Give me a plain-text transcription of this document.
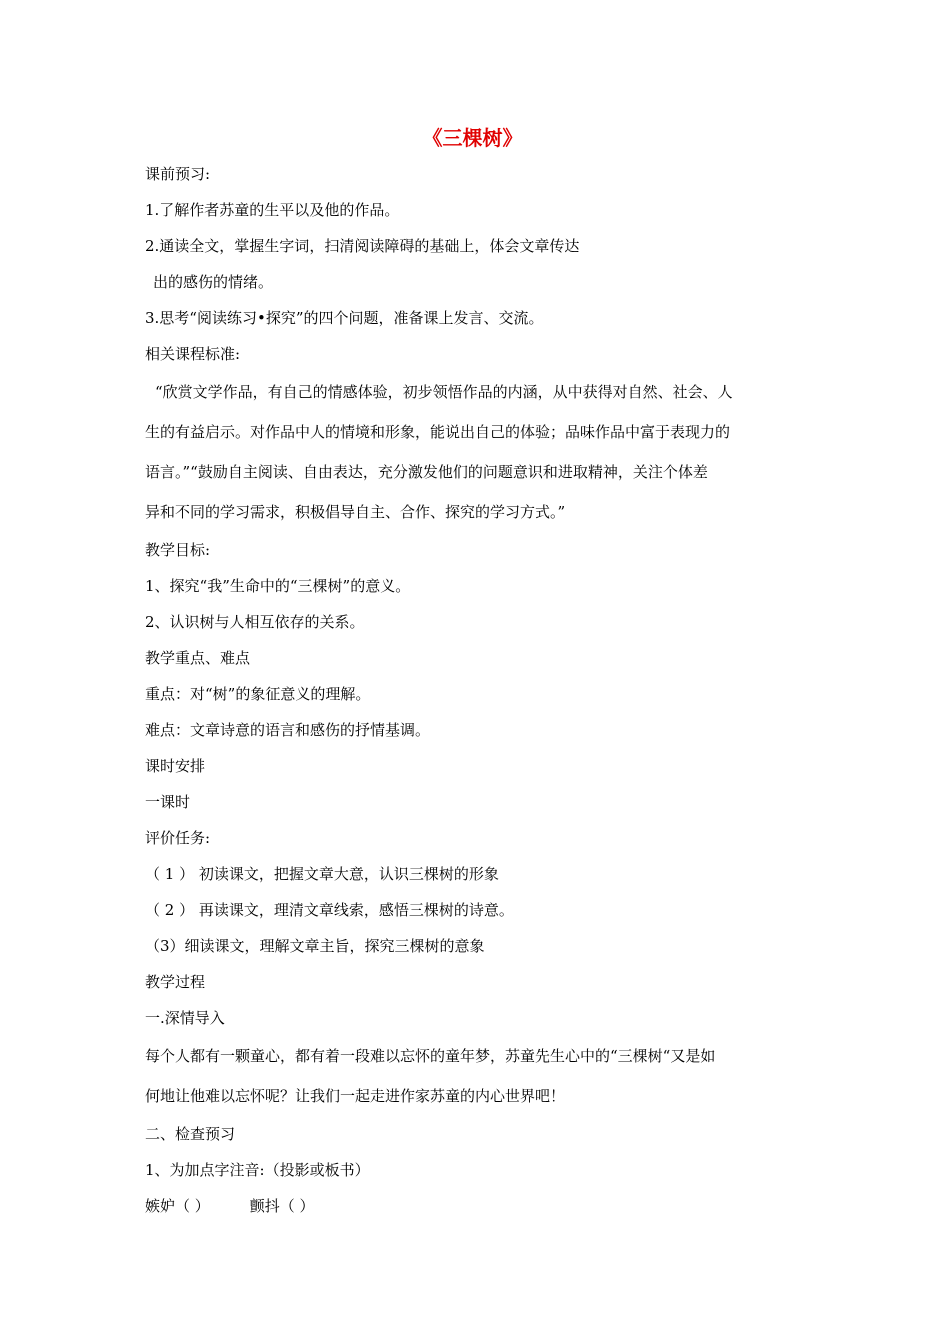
《三棵树》
课前预习:
1.了解作者苏童的生平以及他的作品。
2.通读全文，掌握生字词，扫清阅读障碍的基础上，体会文章传达
出的感伤的情绪。
3.思考“阅读练习•探究”的四个问题，准备课上发言、交流。
相关课程标准:
“欣赏文学作品，有自己的情感体验，初步领悟作品的内涵，从中获得对自然、社会、人
生的有益启示。对作品中人的情境和形象，能说出自己的体验；品味作品中富于表现力的
语言。”“鼓励自主阅读、自由表达，充分激发他们的问题意识和进取精神，关注个体差
异和不同的学习需求，积极倡导自主、合作、探究的学习方式。”
教学目标:
1、探究“我”生命中的“三棵树”的意义。
2、认识树与人相互依存的关系。
教学重点、难点
重点：对“树”的象征意义的理解。
难点：文章诗意的语言和感伤的抒情基调。
课时安排
一课时
评价任务:
（ 1 ） 初读课文，把握文章大意，认识三棵树的形象
（ 2 ） 再读课文，理清文章线索，感悟三棵树的诗意。
（3）细读课文，理解文章主旨，探究三棵树的意象
教学过程
一.深情导入
每个人都有一颗童心，都有着一段难以忘怀的童年梦，苏童先生心中的“三棵树“又是如
何地让他难以忘怀呢？让我们一起走进作家苏童的内心世界吧！
二、检查预习
1、为加点字注音:（投影或板书）
嫉妒（ ）	颤抖（ ）
